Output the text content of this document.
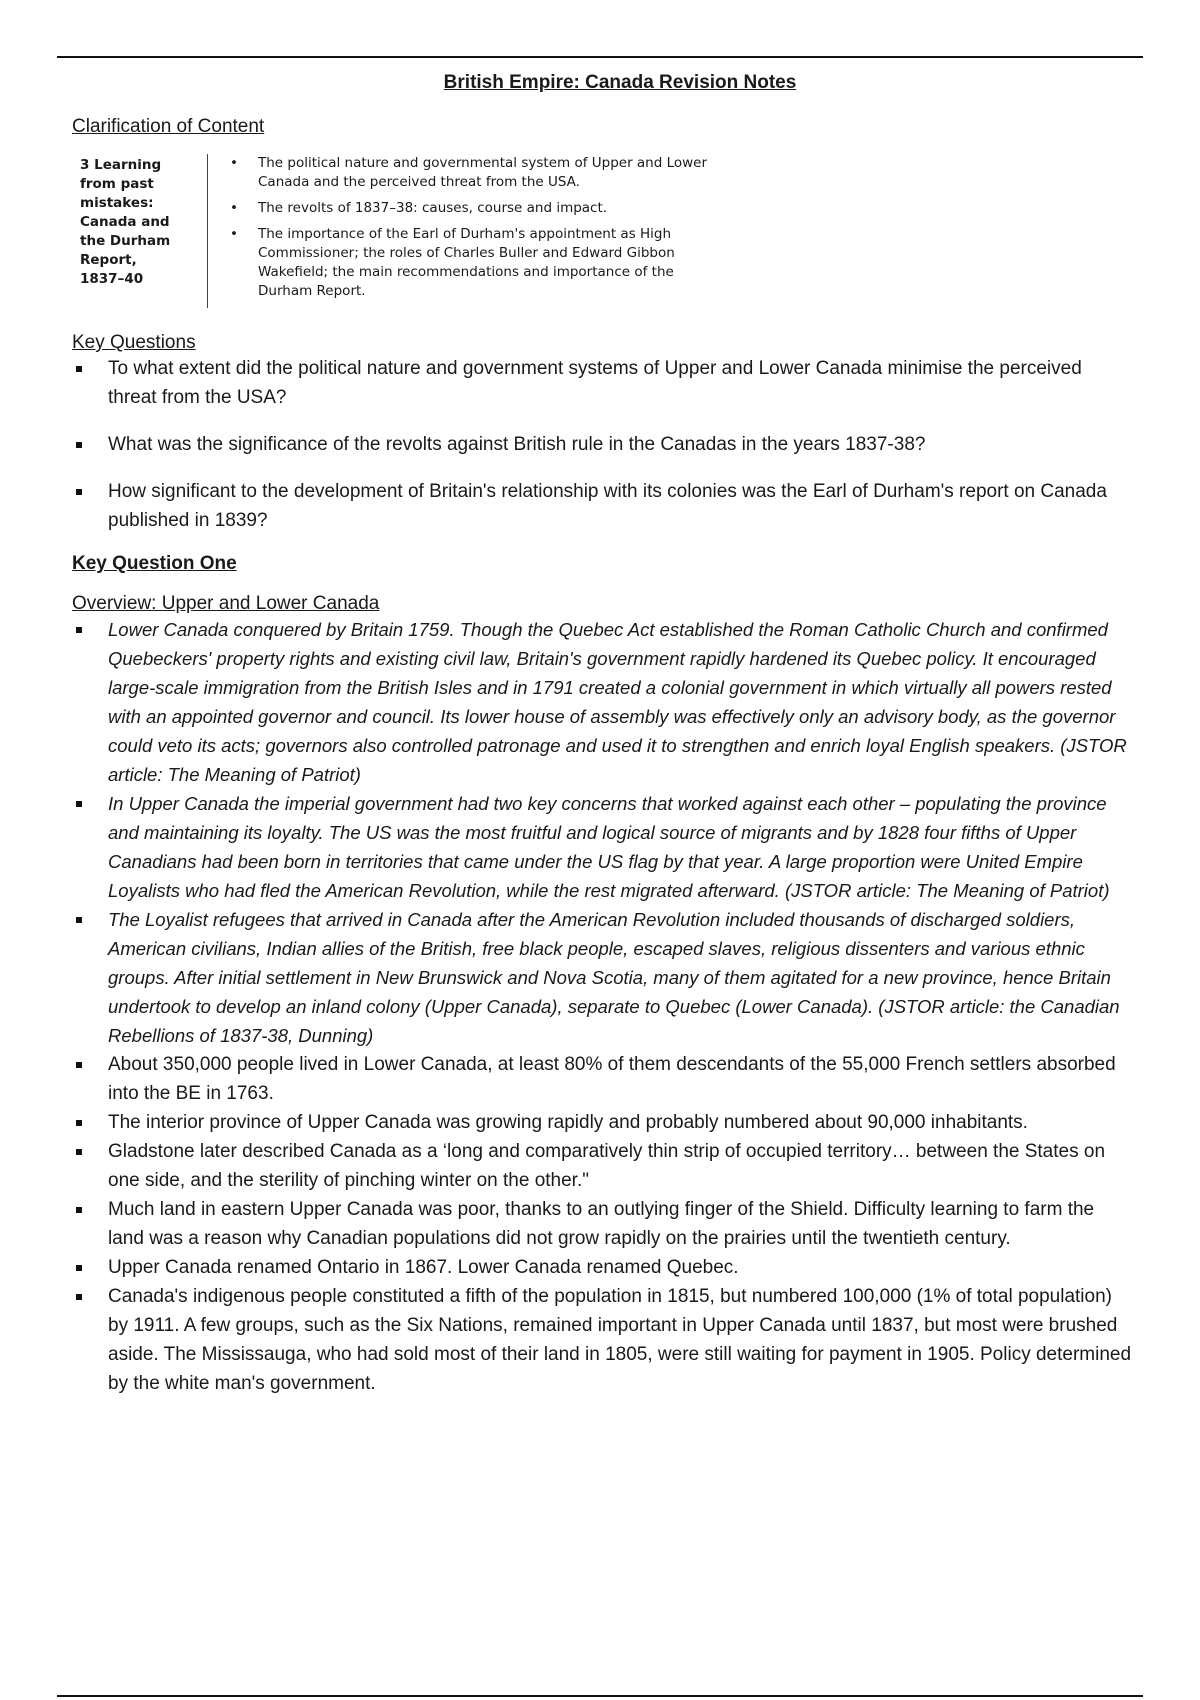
British Empire: Canada Revision Notes
Clarification of Content
3 Learning
from past
mistakes:
Canada and
the Durham
Report,
1837–40
•	The political nature and governmental system of Upper and Lower Canada and the perceived threat from the USA.
•	The revolts of 1837–38: causes, course and impact.
•	The importance of the Earl of Durham's appointment as High Commissioner; the roles of Charles Buller and Edward Gibbon Wakefield; the main recommendations and importance of the Durham Report.
Key Questions
To what extent did the political nature and government systems of Upper and Lower Canada minimise the perceived threat from the USA?
What was the significance of the revolts against British rule in the Canadas in the years 1837-38?
How significant to the development of Britain's relationship with its colonies was the Earl of Durham's report on Canada published in 1839?
Key Question One
Overview: Upper and Lower Canada
Lower Canada conquered by Britain 1759. Though the Quebec Act established the Roman Catholic Church and confirmed Quebeckers' property rights and existing civil law, Britain's government rapidly hardened its Quebec policy. It encouraged large-scale immigration from the British Isles and in 1791 created a colonial government in which virtually all powers rested with an appointed governor and council. Its lower house of assembly was effectively only an advisory body, as the governor could veto its acts; governors also controlled patronage and used it to strengthen and enrich loyal English speakers. (JSTOR article: The Meaning of Patriot)
In Upper Canada the imperial government had two key concerns that worked against each other – populating the province and maintaining its loyalty. The US was the most fruitful and logical source of migrants and by 1828 four fifths of Upper Canadians had been born in territories that came under the US flag by that year. A large proportion were United Empire Loyalists who had fled the American Revolution, while the rest migrated afterward. (JSTOR article: The Meaning of Patriot)
The Loyalist refugees that arrived in Canada after the American Revolution included thousands of discharged soldiers, American civilians, Indian allies of the British, free black people, escaped slaves, religious dissenters and various ethnic groups. After initial settlement in New Brunswick and Nova Scotia, many of them agitated for a new province, hence Britain undertook to develop an inland colony (Upper Canada), separate to Quebec (Lower Canada). (JSTOR article: the Canadian Rebellions of 1837-38, Dunning)
About 350,000 people lived in Lower Canada, at least 80% of them descendants of the 55,000 French settlers absorbed into the BE in 1763.
The interior province of Upper Canada was growing rapidly and probably numbered about 90,000 inhabitants.
Gladstone later described Canada as a ‘long and comparatively thin strip of occupied territory… between the States on one side, and the sterility of pinching winter on the other."
Much land in eastern Upper Canada was poor, thanks to an outlying finger of the Shield. Difficulty learning to farm the land was a reason why Canadian populations did not grow rapidly on the prairies until the twentieth century.
Upper Canada renamed Ontario in 1867. Lower Canada renamed Quebec.
Canada's indigenous people constituted a fifth of the population in 1815, but numbered 100,000 (1% of total population) by 1911. A few groups, such as the Six Nations, remained important in Upper Canada until 1837, but most were brushed aside. The Mississauga, who had sold most of their land in 1805, were still waiting for payment in 1905. Policy determined by the white man's government.
